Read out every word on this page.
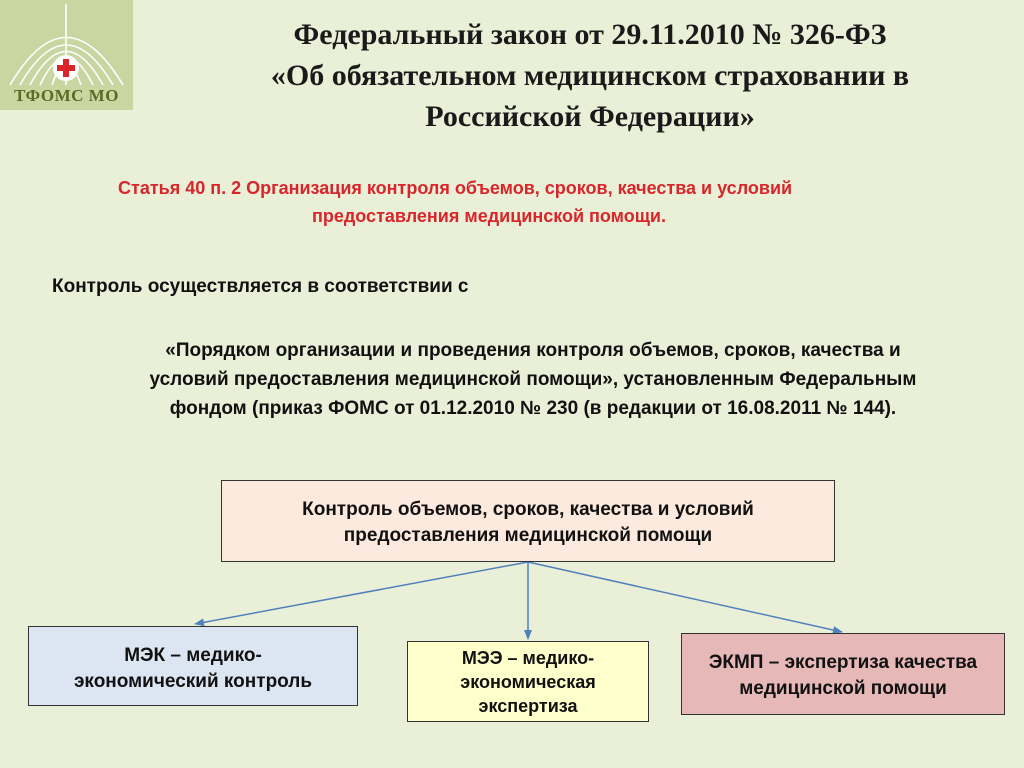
ТФОМС МО
Федеральный закон от 29.11.2010 № 326-ФЗ
«Об обязательном медицинском страховании в
Российской Федерации»
Статья 40 п. 2 Организация контроля объемов, сроков, качества и условий
предоставления медицинской помощи.
Контроль осуществляется в соответствии с
«Порядком организации и проведения контроля объемов, сроков, качества и
условий предоставления медицинской помощи», установленным Федеральным
фондом (приказ ФОМС от 01.12.2010 № 230 (в редакции от 16.08.2011 № 144).
Контроль объемов, сроков, качества и условий
предоставления медицинской помощи
МЭК – медико-
экономический контроль
МЭЭ – медико-
экономическая
экспертиза
ЭКМП – экспертиза качества
медицинской помощи
